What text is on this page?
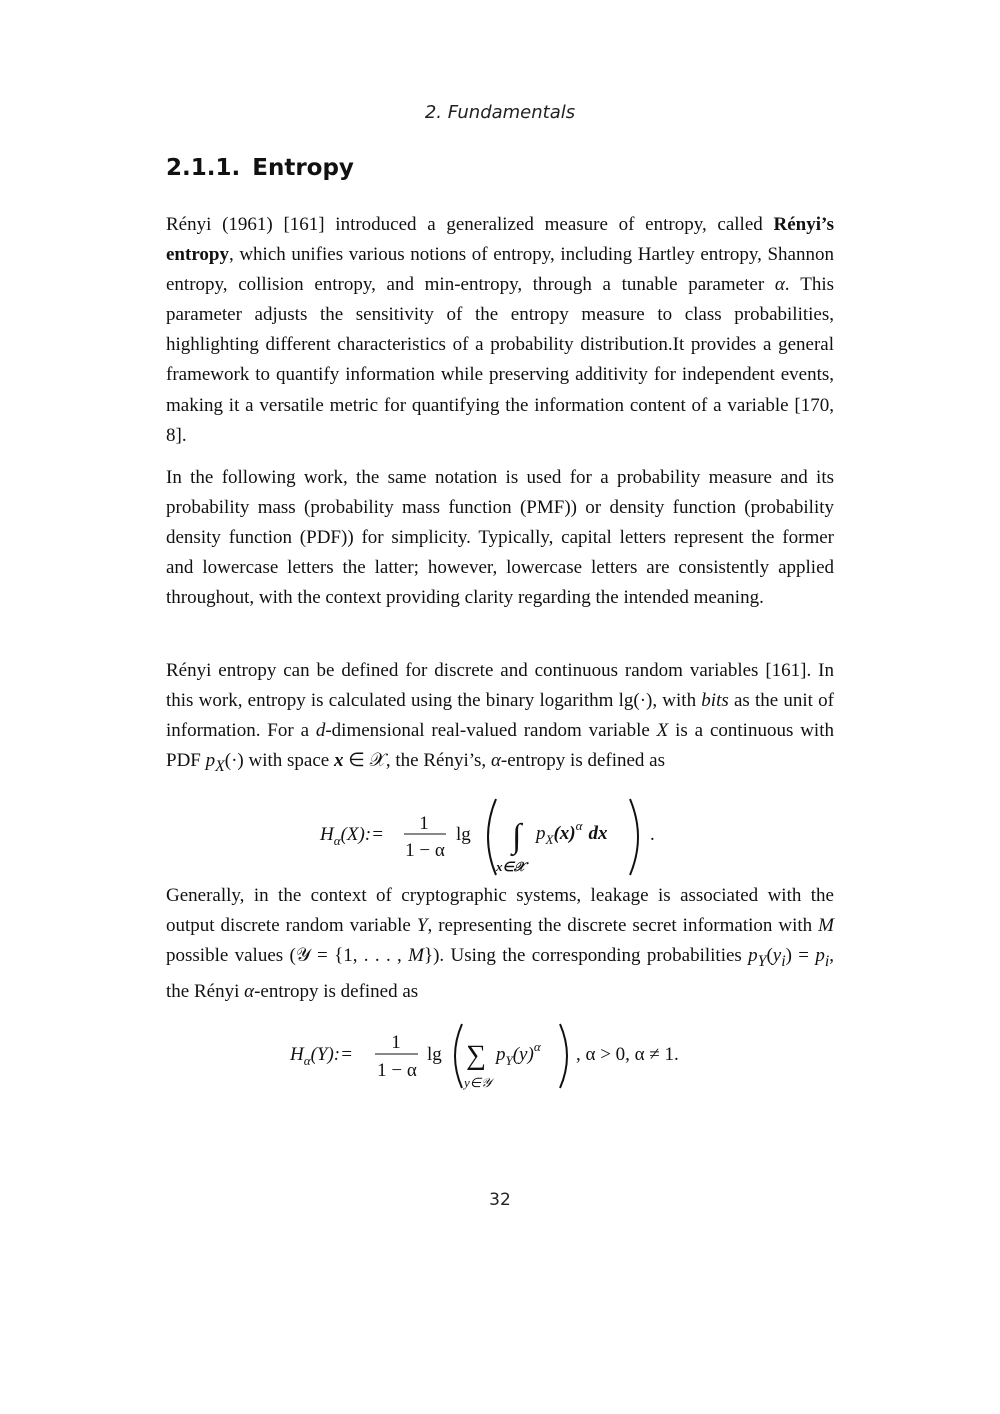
2. Fundamentals
2.1.1. Entropy

Rényi (1961) [161] introduced a generalized measure of entropy, called Rényi’s entropy, which unifies various notions of entropy, including Hartley entropy, Shannon entropy, collision entropy, and min-entropy, through a tunable parameter α. This parameter adjusts the sensitivity of the entropy measure to class probabilities, highlighting different characteristics of a probability distribution.It provides a general framework to quantify information while preserving additivity for independent events, making it a versatile metric for quantifying the information content of a variable [170, 8].

In the following work, the same notation is used for a probability measure and its probability mass (probability mass function (PMF)) or density function (probability density function (PDF)) for simplicity. Typically, capital letters represent the former and lowercase letters the latter; however, lowercase letters are consistently applied throughout, with the context providing clarity regarding the intended meaning.

Rényi entropy can be defined for discrete and continuous random variables [161]. In this work, entropy is calculated using the binary logarithm lg(·), with bits as the unit of information. For a d-dimensional real-valued random variable X is a continuous with PDF $p_X(\cdot)$ with space x ∈ 𝒳, the Rényi’s, α-entropy is defined as

$H_\alpha(X):=$
1
1 − α
lg ∫
x∈𝒳
$p_X(x)^\alpha$ dx .

Generally, in the context of cryptographic systems, leakage is associated with the output discrete random variable Y, representing the discrete secret information with M possible values (𝒴 = {1, . . . , M}). Using the corresponding probabilities $p_Y(y_i) = p_i$, the Rényi α-entropy is defined as

$H_\alpha(Y):=$
1
1 − α
lg ∑
y∈𝒴
$p_Y(y)^\alpha$ , α > 0, α ≠ 1.
32
